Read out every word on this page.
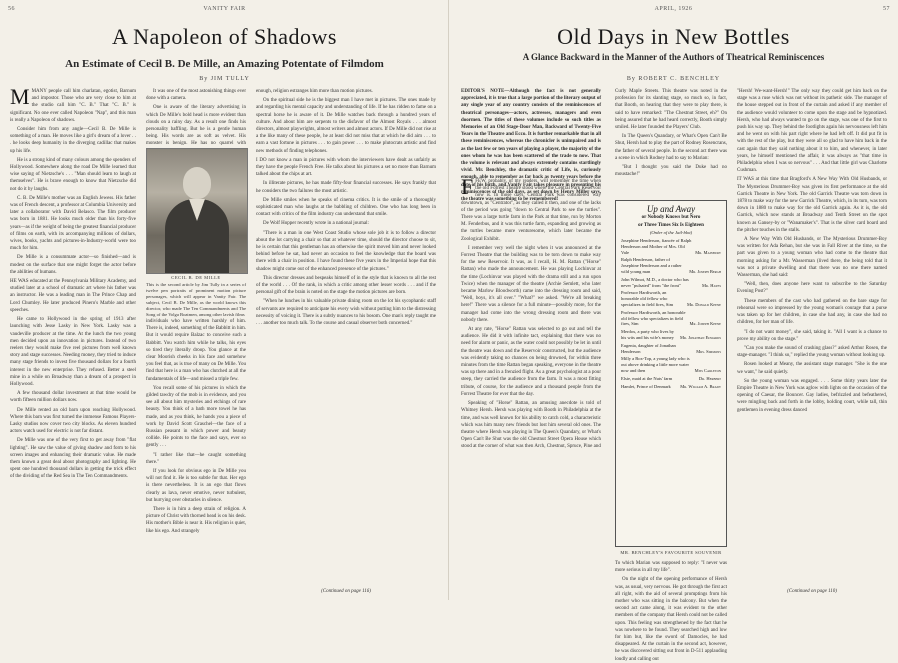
56	VANITY FAIR
A Napoleon of Shadows
An Estimate of Cecil B. De Mille, an Amazing Potentate of Filmdom
By JIM TULLY

MMANY people call him charlatan, egotist, Barnum and impostor. Those who are very close to him at the studio call him "C. B." That "C. B." is significant. No one ever called Napoleon "Nap", and this man is really a Napoleon of shadows.

Consider him from any angle—Cecil B. De Mille is something of a man. He moves like a girl's dream of a lover . . . he looks deep humanity in the diverging cadillac that makes up his life.

He is a strong kind of many colours among the spenders of Hollywood. Somewhere along the road De Mille learned that wise saying of Nietzsche's . . . "Man should learn to laugh at themselves". He is brave enough to know that Nietzsche did not do it by laughs.

C. B. De Mille's mother was an English Jewess. His father was of French descent, a professor at Columbia University and later a collaborator with David Belasco. The film producer was born in 1881. He looks much older than his forty-five years—as if the weight of being the greatest financial producer of films on earth, with its accompanying millions of dollars, wives, books, yachts and pictures-in-Industry-world were too much for him.

De Mille is a consummate actor—so finished—and is modest on the surface that one might forget the actor before the abilities of humans.

HE WAS educated at the Pennsylvania Military Academy, and studied later at a school of dramatic art where his father was an instructor. He was a leading man in The Prince Chap and Lord Chumley. He later produced Pinero's Marble and other speeches.

He came to Hollywood in the spring of 1913 after launching with Jesse Lasky in New York. Lasky was a vaudeville producer at the time. At the lunch the two young men decided upon an innovation in pictures. Instead of two reelers they would make five reel pictures from well known story and stage successes. Needing money, they tried to induce many stage friends to invest five thousand dollars for a fourth interest in the new enterprise. They refused. Better a steel mine in a while on Broadway than a dream of a prospect in Hollywood.

A few thousand dollar investment at that time would be worth fifteen million dollars now.

De Mille rented an old barn upon reaching Hollywood. Where this barn was first turned the immense Famous Players-Lasky studios now cover two city blocks. As eleven hundred actors watch used for electric is not far distant.

De Mille was one of the very first to get away from "flat lighting". He saw the value of giving shadow and form to his screen images and enhancing their dramatic value. He made them known a great deal about photography and lighting. He spent one hundred thousand dollars in getting the trick effect of the dividing of the Red Sea in The Ten Commandments.

It was one of the most astonishing things ever done with a camera.

One is aware of the literary advertising in which De Mille's bold head is more evident than clouds on a rainy day. As a result one finds his personality baffling. But he is a gentle human being. His words are as soft as velvet. His monster is benign. He has no quarrel with

CECIL B. DE MILLE
This is the second article by Jim Tully in a series of twelve pen portraits of prominent motion picture personages, which will appear in Vanity Fair. The subject, Cecil B. De Mille, as the world knows this director, who made The Ten Commandments and The Song of the Volga Boatmen, among other lavish films

individuals who have written harshly of him. There is, indeed, something of the Babbitt in him. But it would require Balzac to conceive such a Babbitt. You watch him while he talks, his eyes so tired they literally droop. You glance at the clear Moorish cheeks in his face and somehow you feel that, as is true of many on De Mille. You find that here is a man who has clutched at all the fundamentals of life—and missed a triple few.

You recall some of his pictures in which the gilded tawdry of the mob is in evidence, and you see all about him mysteries and etchings of rare beauty. You think of a bath more towel he has made, and as you think, he hands you a piece of work by David Scott Graschel—the face of a Russian peasant in which power and beauty collide. He points to the face and says, ever so gently . . .

"I rather like that—he caught something there."

If you look for obvious ego in De Mille you will not find it. He is too subtle for that. Her ego is there nevertheless. It is an ego that flows clearly as lava, never emotive, never turbulent, but hurrying over obstacles in silence.

There is in him a deep strain of religion. A picture of Christ with thorned head is on his desk. His mother's Bible is near it. His religion is quiet, like his ego. And strangely

enough, religion estranges him more than motion pictures.

On the spiritual side he is the biggest man I have met in pictures. The ones made by and regarding his mental capacity and understanding of life. If he has ridden to fame on a spectral horse he is aware of it. De Mille watches back through a hundred years of culture. And about him are serpents to the disfavor of the Almost Royals . . . almost directors, almost playwrights, almost writers and almost actors. If De Mille did not rise at a the like many of these people, he at least did not miss that at which he did aim . . . to earn a vast fortune in pictures . . . to gain power . . . to make plutocrats artistic and find new methods of finding telephones.

I DO not know a man in pictures with whom the interviewers have dealt as unfairly as they have the people French Free. He talks about his pictures a set no more than Barnum talked about the chips at art.

In illiterate pictures, he has made fifty-four financial successes. He says frankly that he considers the two failures the most artistic.

De Mille smiles when he speaks of cinema critics. It is the smile of a thoroughly sophisticated man who laughs at the babbling of children. One who has long been in contact with critics of the film industry can understand that smile.

De Wolf Hopper recently wrote in a national journal:

"There is a man in one West Coast Studio whose sole job it is to follow a director about the lot carrying a chair so that at whatever time, should the director choose to sit, he is certain that this gentleman has an otherwise the spirit moved him and never looked behind before he sat, had never an occasion to feel the knowledge that the board was there with a chair in position. I have found these five years in the Imperial hope that this shadow might come out of the enhanced presence of the pictures."

This director dresses and bespeaks himself of in the style that is known to all the rest of the world . . . Of the rank, in which a critic among other lesser words . . . and if the personal gift of the brain is noted on the stage the motion pictures are born.

"When he lunches in his valuable private dining room on the lot his sycophantic staff of servants are required to anticipate his every wish without putting him to the distressing necessity of voicing it. There is a subtly nuances to his bosom. One man's reply taught me . . . another too much talk. To the course and casual observer both concerned."

(Continued on page 116)
APRIL, 1926	57
Old Days in New Bottles
A Glance Backward in the Manner of the Authors of Theatrical Reminiscences
By ROBERT C. BENCHLEY

EDITOR'S NOTE—Although the fact is not generally appreciated, it is true that a large portion of the literary output of any single year of any country consists of the reminiscences of theatrical personages—actors, actresses, managers and even doormen. The titles of these volumes include so such titles as Memories of an Old Stage-Door Man, Backward of Twenty-Five Years in the Theatre and Ecco. It is further remarkable that in all these reminiscences, whereas the chronicler is unimpaired and is as the last few or ten years of playing a player, the majority of the ones whom he was has been scattered of the trade to now. That the volume is relevant and always extremely contains startlingly vivid. Mr. Benchley, the dramatic critic of Life, is, curiously enough, able to remember as far back as twenty years before the date of his birth, and Vanity Fair takes pleasure in presenting his reminiscences of the old days, as set down by Henry Miller says, the theatre was something to be remembered!

FFEW, probably, of my readers, will remember the time when the old Forrest Theatre stood where the Central Park Reservoir now is. In those days, Central Park was considered 'way downtown, as "Centrator", as they called it then, and one of the lacks of the period was going "down to Central Park to see the turtles". There was a large turtle farm in the Park at that time, run by Morton M. Fenderbus, and it was this turtle farm, expanding and growing as the turtles became more venturesome, which later became the Zoological Exhibit.

I remember very well the night when it was announced at the Forrest Theatre that the building was to be torn down to make way for the new Reservoir. It was, as I recall, H. M. Rattan ("Horse" Rattan) who made the announcement. He was playing Lochinvar at the time (Lochinvar was played with the drama still and a run upon Twice) when the manager of the theatre (Archie Semlett, who later became Marlow Bloodworth) came into the dressing room and said, "Well, boys, it's all over." "What?" we asked. "We're all breaking here!" There was a silence for a full minute—possibly more, for the manager had come into the wrong dressing room and there was nobody there.

At any rate, "Horse" Rattan was selected to go out and tell the audience. He did it with infinite tact, explaining that there was no need for alarm or panic, as the water could not possibly be let in until the theatre was down and the Reservoir constructed, but the audience was evidently taking no chances on being drowned, for within three minutes from the time Rattan began speaking, everyone in the theatre was up there and in a frenzied flight. As a great psychologist at a pour steep, they carried the audience from the farm. It was a most fitting tribute, of course, for the audience and a thousand people from the Forrest Theatre for ever that the day.

Speaking of "Horse" Rattan, an amusing anecdote is told of Whitney Hersh. Hersh was playing with Booth in Philadelphia at the time, and was well known for his ability to catch cold, a characteristic which was him many new friends but lost him several old ones. The theatre where Hersh was playing in The Queen's Quandary, or What's Open Can't Be Shut was the old Chestnut Street Opera House which stood at the corner of what was then Arch, Chestnut, Spruce, Pine and

Curly Maple Streets. This theatre was noted in the profession for its slanting stage, so much so, in fact, that Booth, on hearing that they were to play there, is said to have remarked: "The Chestnut Street, eh?" On being assured that he had heard correctly, Booth simply smiled. He later founded the Players' Club.

In The Queen's Quandary, or What's Open Can't Be Shut, Hersh had to play the part of Rodney Rosencrans, the father of several people. In the second act there was a scene in which Rodney had to say to Marian:

"But I thought you said the Duke had no moustache!"

Up and Away
or Nobody Knows but Nero
or Three Times Six Is Eighteen
(Order of the Jail-blot)
Josephine Henderson, fiancée of Ralph Henderson and Mother of Mrs. Old Vale	Mr. Mainbury
Ralph Henderson, father of Josephine Henderson and a rather wild young man	Mr. Joseph Bergh
John Wilmot, M.D., a doctor who has never "pulsated" from "the front"	Mr. Hayes
Professor Hardtworth, an honorable old fellow who specializes in field fires, Sim	Mr. Donald Keene
Professor Hardtworth, an honorable old fellow who specializes in field fires, Sim	Mr. Joseph Keene
Merdox, a party who lives by his wits and his wife's money	Mr. Jonathan Edwards
Eugenia, daughter of Jonathan Henderson	Mrs. Simmons
Milly a Box-Top, a young lady who is out above drinking a little more water now and then	Miss Carleton
Elsie, maid at the Nuts' farm	Dr. Herbert
Hamlet, Prince of Denmark	Mr. William A. Brady
MR. BENCHLEY'S FAVOURITE SOUVENIR

To which Marian was supposed to reply: "I never was more serious in all my life".

On the night of the opening performance of Hersh was, as usual, very nervous. He got through the first act all right, with the aid of several promptings from his mother who was sitting in the balcony. But when the second act came along, it was evident to the other members of the company that Hersh could not be called upon. This feeling was strengthened by the fact that he was nowhere to be found. They searched high and low for him but, like the sword of Damocles, he had disappeared. At the curtain in the second act, however, he was discovered sitting out front in D-511 applauding loudly and calling out

"Hersh! We-want-Hersh!" The only way they could get him back on the stage was a ruse which was not without its pathetic side. The manager of the house stepped out in front of the curtain and asked if any member of the audience would volunteer to come upon the stage and be hypnotized. Hersh, who had always wanted to go on the stage, was one of the first to push his way up. They behind the footlights again his nervousness left him and he went on with his part right where he had left off. It did put fit in with the rest of the play, but they were all so glad to have him back in the cast again that they said nothing about it to him, and whenever, in later years, he himself mentioned the affair, it was always as "that time in Philadelphia when I was so nervous" . . . And that little girl was Charlotte Cushman.

IT WAS at this time that Bragford's A New Way With Old Husbands, or The Mysterious Drummer-Boy was given its first performance at the old Garrick Theatre in New York. The old Garrick Theatre was torn down in 1878 to make way for the new Garrick Theatre, which, in its turn, was torn down in 1880 to make way for the old Garrick again. As it is, the old Garrick, which now stands at Broadway and Tenth Street on the spot known as Gansey-by or "Wanamaker's". That is the silver card board and the pitcher touches in the stalls.

A New Way With Old Husbands, or The Mysterious Drummer-Boy was written for Ada Rehan, but she was in Fall River at the time, so the part was given to a young woman who had come to the theatre that morning asking for a Mr. Wasserman (lived there, the being told that it was not a private dwelling and that there was no one there named Wasserman, she had said:

"Well, then, does anyone here want to subscribe to the Saturday Evening Post?"

These members of the cast who had gathered on the bare stage for rehearsal were so impressed by the young woman's courage that a purse was taken up for her children, in case she had any, in case she had no children, for her man of life.

"I do not want money", she said, taking it. "All I want is a chance to prove my ability on the stage."

"Can you make the sound of crashing glass?" asked Arthur Rosen, the stage-manager. "I think so," replied the young woman without looking up.

Rosen looked at Meany, the assistant stage manager. "She is the one we want," he said quietly.

So the young woman was engaged. . . . Some thirty years later the Empire Theatre in New York was aglow with lights on the occasion of the opening of Caesar, the Bouncer. Gay ladies, befrizzled and befeathered, were mingling back and forth in the lobby, holding court, while tall, thin gentlemen in evening dress danced

(Continued on page 110)
